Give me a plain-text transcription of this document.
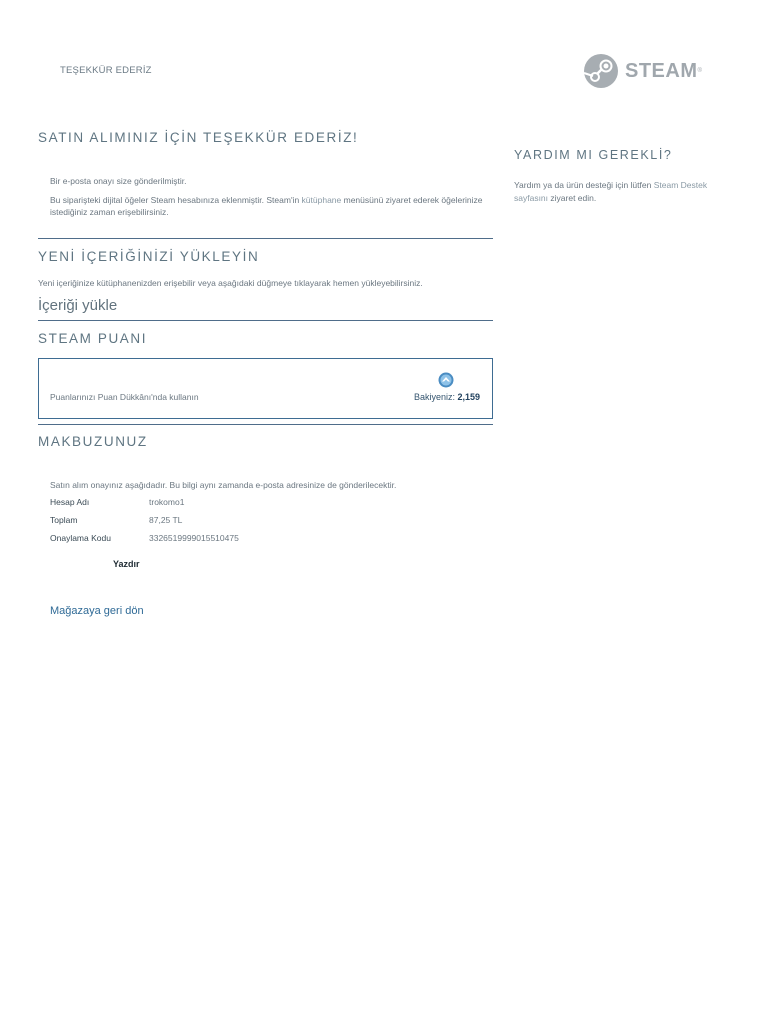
TEŞEKKÜR EDERİZ	STEAM ®
SATIN ALIMINIZ İÇİN TEŞEKKÜR EDERİZ!
Bir e-posta onayı size gönderilmiştir.
Bu siparişteki dijital öğeler Steam hesabınıza eklenmiştir. Steam'in kütüphane menüsünü ziyaret ederek öğelerinize istediğiniz zaman erişebilirsiniz.
YENİ İÇERİĞİNİZİ YÜKLEYİN
Yeni içeriğinize kütüphanenizden erişebilir veya aşağıdaki düğmeye tıklayarak hemen yükleyebilirsiniz.
İçeriği yükle
STEAM PUANI
Puanlarınızı Puan Dükkânı'nda kullanın	Bakiyeniz: 2,159
MAKBUZUNUZ
Satın alım onayınız aşağıdadır. Bu bilgi aynı zamanda e-posta adresinize de gönderilecektir.
Hesap Adı	trokomo1
Toplam	87,25 TL
Onaylama Kodu	3326519999015510475
Yazdır
Mağazaya geri dön
YARDIM MI GEREKLİ?
Yardım ya da ürün desteği için lütfen Steam Destek sayfasını ziyaret edin.
